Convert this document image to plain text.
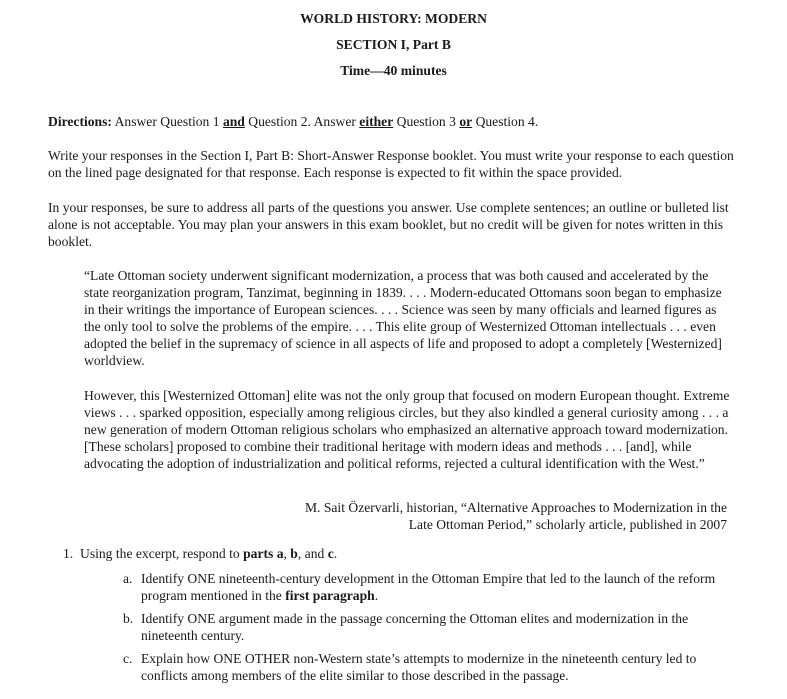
WORLD HISTORY: MODERN
SECTION I, Part B
Time—40 minutes
Directions: Answer Question 1 and Question 2. Answer either Question 3 or Question 4.
Write your responses in the Section I, Part B: Short-Answer Response booklet. You must write your response to each question on the lined page designated for that response. Each response is expected to fit within the space provided.
In your responses, be sure to address all parts of the questions you answer. Use complete sentences; an outline or bulleted list alone is not acceptable. You may plan your answers in this exam booklet, but no credit will be given for notes written in this booklet.
“Late Ottoman society underwent significant modernization, a process that was both caused and accelerated by the state reorganization program, Tanzimat, beginning in 1839. . . . Modern-educated Ottomans soon began to emphasize in their writings the importance of European sciences. . . . Science was seen by many officials and learned figures as the only tool to solve the problems of the empire. . . . This elite group of Westernized Ottoman intellectuals . . . even adopted the belief in the supremacy of science in all aspects of life and proposed to adopt a completely [Westernized] worldview.
However, this [Westernized Ottoman] elite was not the only group that focused on modern European thought. Extreme views . . . sparked opposition, especially among religious circles, but they also kindled a general curiosity among . . . a new generation of modern Ottoman religious scholars who emphasized an alternative approach toward modernization. [These scholars] proposed to combine their traditional heritage with modern ideas and methods . . . [and], while advocating the adoption of industrialization and political reforms, rejected a cultural identification with the West.”
M. Sait Özervarli, historian, “Alternative Approaches to Modernization in the
Late Ottoman Period,” scholarly article, published in 2007
1. Using the excerpt, respond to parts a, b, and c.
a. Identify ONE nineteenth-century development in the Ottoman Empire that led to the launch of the reform program mentioned in the first paragraph.
b. Identify ONE argument made in the passage concerning the Ottoman elites and modernization in the nineteenth century.
c. Explain how ONE OTHER non-Western state’s attempts to modernize in the nineteenth century led to conflicts among members of the elite similar to those described in the passage.
